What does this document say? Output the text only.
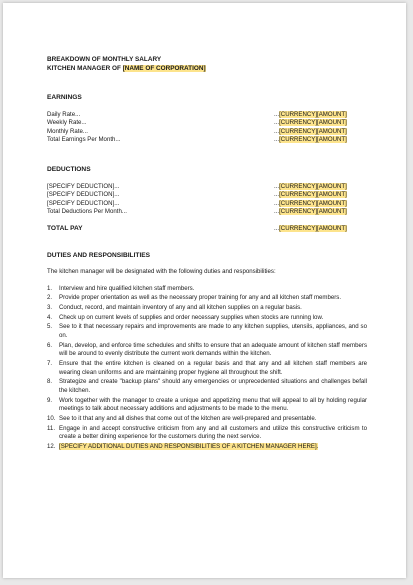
BREAKDOWN OF MONTHLY SALARY
KITCHEN MANAGER OF [NAME OF CORPORATION]
EARNINGS
Daily Rate...	...[CURRENCY][AMOUNT]
Weekly Rate...	...[CURRENCY][AMOUNT]
Monthly Rate...	...[CURRENCY][AMOUNT]
Total Earnings Per Month...	...[CURRENCY][AMOUNT]
DEDUCTIONS
[SPECIFY DEDUCTION]...	...[CURRENCY][AMOUNT]
[SPECIFY DEDUCTION]...	...[CURRENCY][AMOUNT]
[SPECIFY DEDUCTION]...	...[CURRENCY][AMOUNT]
Total Deductions Per Month...	...[CURRENCY][AMOUNT]
TOTAL PAY	...[CURRENCY][AMOUNT]
DUTIES AND RESPONSIBILITIES
The kitchen manager will be designated with the following duties and responsibilities:
1. Interview and hire qualified kitchen staff members.
2. Provide proper orientation as well as the necessary proper training for any and all kitchen staff members.
3. Conduct, record, and maintain inventory of any and all kitchen supplies on a regular basis.
4. Check up on current levels of supplies and order necessary supplies when stocks are running low.
5. See to it that necessary repairs and improvements are made to any kitchen supplies, utensils, appliances, and so on.
6. Plan, develop, and enforce time schedules and shifts to ensure that an adequate amount of kitchen staff members will be around to evenly distribute the current work demands within the kitchen.
7. Ensure that the entire kitchen is cleaned on a regular basis and that any and all kitchen staff members are wearing clean uniforms and are maintaining proper hygiene all throughout the shift.
8. Strategize and create "backup plans" should any emergencies or unprecedented situations and challenges befall the kitchen.
9. Work together with the manager to create a unique and appetizing menu that will appeal to all by holding regular meetings to talk about necessary additions and adjustments to be made to the menu.
10. See to it that any and all dishes that come out of the kitchen are well-prepared and presentable.
11. Engage in and accept constructive criticism from any and all customers and utilize this constructive criticism to create a better dining experience for the customers during the next service.
12. [SPECIFY ADDITIONAL DUTIES AND RESPONSIBILITIES OF A KITCHEN MANAGER HERE].
